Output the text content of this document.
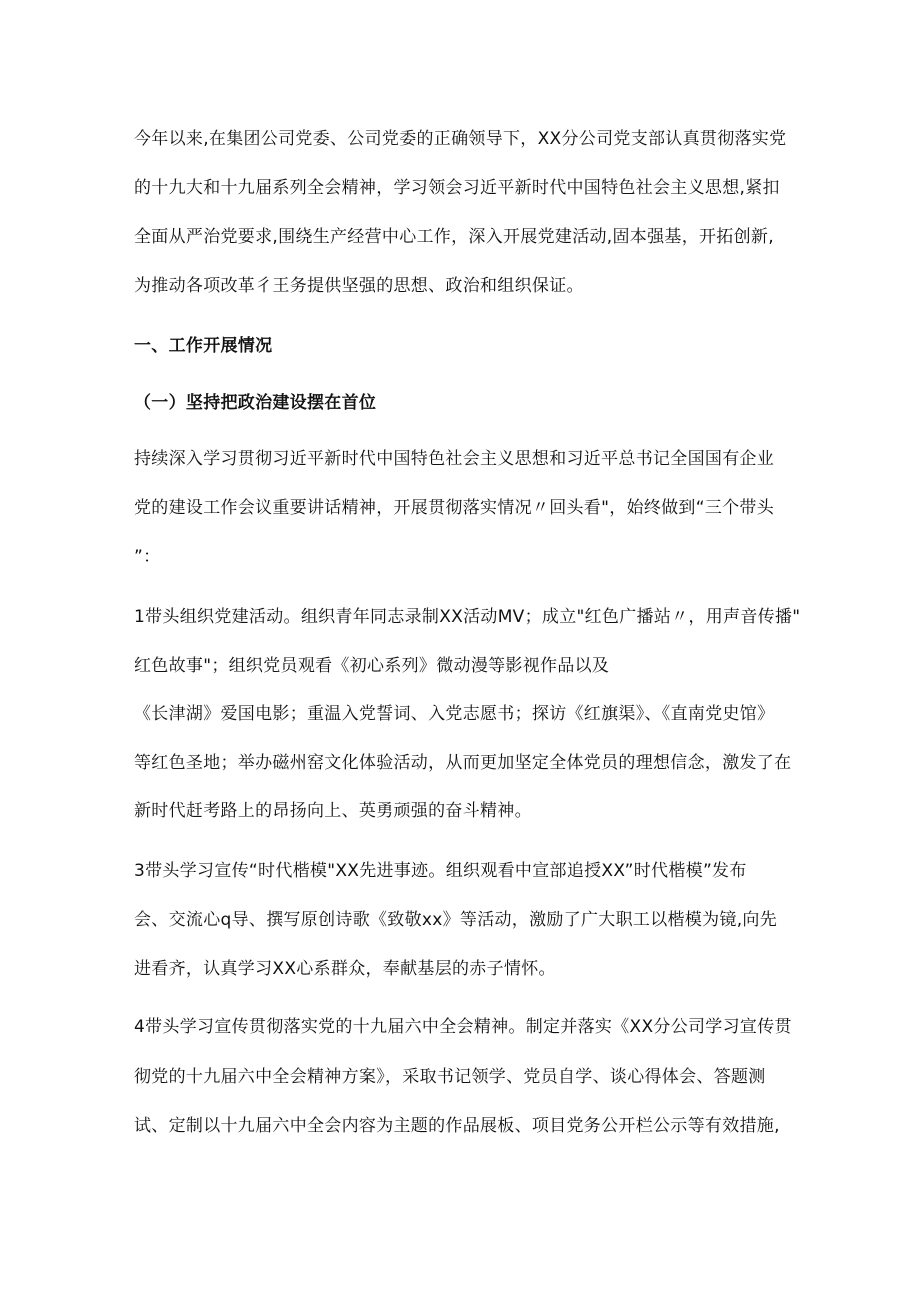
今年以来,在集团公司党委、公司党委的正确领导下，XX分公司党支部认真贯彻落实党
的十九大和十九届系列全会精神，学习领会习近平新时代中国特色社会主义思想,紧扣
全面从严治党要求,围绕生产经营中心工作，深入开展党建活动,固本强基，开拓创新,
为推动各项改革彳王务提供坚强的思想、政治和组织保证。
一、工作开展情况
（一）坚持把政治建设摆在首位
持续深入学习贯彻习近平新时代中国特色社会主义思想和习近平总书记全国国有企业
党的建设工作会议重要讲话精神，开展贯彻落实情况〃回头看"，始终做到“三个带头
”：
1带头组织党建活动。组织青年同志录制XX活动MV；成立"红色广播站〃，用声音传播"
红色故事"；组织党员观看《初心系列》微动漫等影视作品以及
《长津湖》爱国电影；重温入党誓词、入党志愿书；探访《红旗渠》、《直南党史馆》
等红色圣地；举办磁州窑文化体验活动，从而更加坚定全体党员的理想信念，激发了在
新时代赶考路上的昂扬向上、英勇顽强的奋斗精神。
3带头学习宣传“时代楷模"XX先进事迹。组织观看中宣部追授XX”时代楷模”发布
会、交流心q导、撰写原创诗歌《致敬xx》等活动，激励了广大职工以楷模为镜,向先
进看齐，认真学习XX心系群众，奉献基层的赤子情怀。
4带头学习宣传贯彻落实党的十九届六中全会精神。制定并落实《XX分公司学习宣传贯
彻党的十九届六中全会精神方案》，采取书记领学、党员自学、谈心得体会、答题测
试、定制以十九届六中全会内容为主题的作品展板、项目党务公开栏公示等有效措施,
